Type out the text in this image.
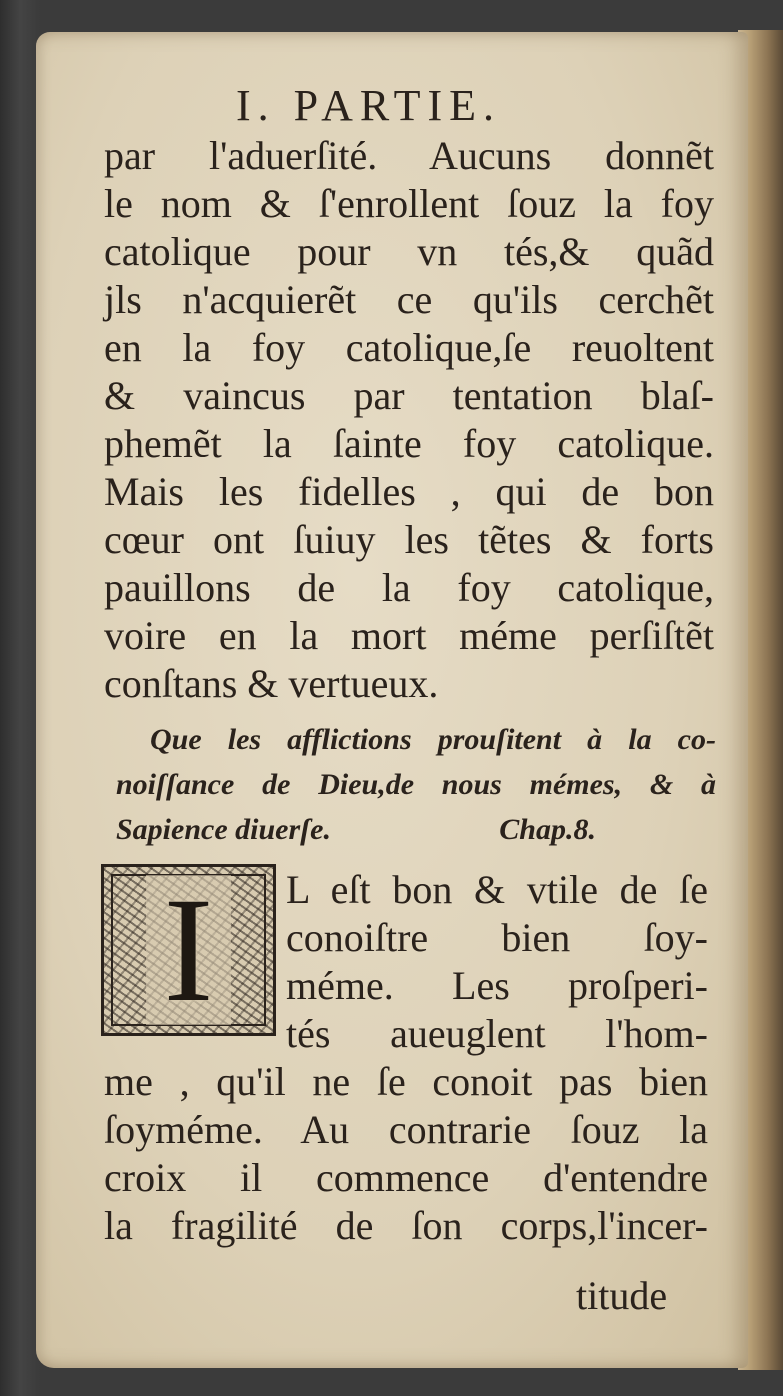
I. PARTIE.
par l'aduerſité. Aucuns donnẽt
le nom & ſ'enrollent ſouz la foy
catolique pour vn tés,& quãd
jls n'acquierẽt ce qu'ils cerchẽt
en la foy catolique,ſe reuoltent
& vaincus par tentation blaſ-
phemẽt la ſainte foy catolique.
Mais les fidelles , qui de bon
cœur ont ſuiuy les tẽtes & forts
pauillons de la foy catolique,
voire en la mort méme perſiſtẽt
conſtans & vertueux.
Que les afflictions prouſitent à la co-
noiſſance de Dieu,de nous mémes, & à
Sapience diuerſe.	Chap.8.
I	L eſt bon & vtile de ſe
conoiſtre bien ſoy-
méme. Les proſperi-
tés aueuglent l'hom-
me , qu'il ne ſe conoit pas bien
ſoyméme. Au contrarie ſouz la
croix il commence d'entendre
la fragilité de ſon corps,l'incer-
titude
